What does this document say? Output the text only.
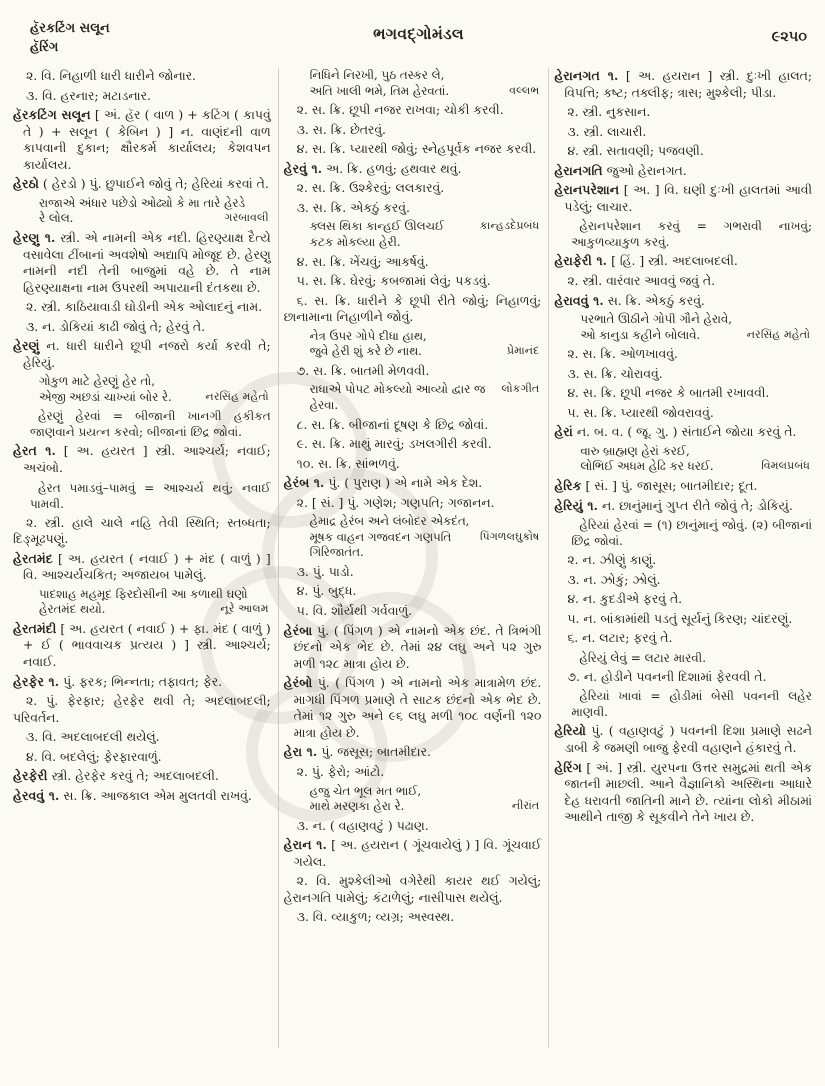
હૅરકટિંગ સલૂન
હૅરિંગ
ભગવદ્ગોમંડલ	૯૨૫૦

૨. વિ. નિહાળી ધારી ધારીને જોનાર.

૩. વિ. હરનાર; મટાડનાર.

હૅરકટિંગ સલૂન [ અં. હૅર ( વાળ ) + કટિંગ ( કાપવું તે ) + સલૂન ( કેબિન ) ] ન. વાણંદની વાળ કાપવાની દુકાન; ક્ષૌરકર્મ કાર્યાલય; કેશવપન કાર્યાલય.

હેરઠો ( હેરડો ) પું. છુપાઈને જોવું તે; હેરિયાં કરવાં તે.

રાજાએ અંધાર પછેડો ઓઢ્યો કે મા તારે હેરડે
ગરબાવલી
રે લોલ.

હેરણુ ૧. સ્ત્રી. એ નામની એક નદી. હિરણ્યાક્ષ દૈત્યે વસાવેલા ટીંબાનાં અવશેષો અદ્યાપિ મોજૂદ છે. હેરણુ નામની નદી તેની બાજુમાં વહે છે. તે નામ હિરણ્યાક્ષના નામ ઉપરથી અપાયાની દંતકથા છે.

૨. સ્ત્રી. કાઠિયાવાડી ઘોડીની એક ઓલાદનું નામ.

૩. ન. ડોકિયાં કાઢી જોવું તે; હેરવું તે.

હેરણું ન. ધારી ધારીને છૂપી નજરો કર્યા કરવી તે; હેરિયું.

ગોકુળ માટે હેરણું હેર તો,
નરસિંહ મહેતો
એજી અછડાં ચાખ્યાં બોર રે.

હેરણું હેરવાં = બીજાની ખાનગી હકીકત જાણવાને પ્રયત્ન કરવો; બીજાનાં છિદ્ર જોવાં.

હેરત ૧. [ અ. હયરત ] સ્ત્રી. આશ્ચર્ય; નવાઈ; અચંબો.

હેરત પમાડવું–પામવું = આશ્ચર્ય થવું; નવાઈ પામવી.

૨. સ્ત્રી. હાલે ચાલે નહિ તેવી સ્થિતિ; સ્તબ્ધતા; દિઙ્મૂઢપણું.

હેરતમંદ [ અ. હયરત ( નવાઈ ) + મંદ ( વાળું ) ] વિ. આશ્ચર્યચકિત; અજાયબ પામેલું.

પાદશાહ મહમૂદ ફિરદોસીની આ કળાથી ઘણો
નૂરે આલમ
હેરતમંદ થયો.

હેરતમંદી [ અ. હયરત ( નવાઈ ) + ફા. મંદ ( વાળું ) + ઈ ( ભાવવાચક પ્રત્યય ) ] સ્ત્રી. આશ્ચર્ય; નવાઈ.

હેરફેર ૧. પું. ફરક; ભિન્નતા; તફાવત; ફેર.

૨. પું. ફેરફાર; હેરફેર થવી તે; અદલાબદલી; પરિવર્તન.

૩. વિ. અદલાબદલી થયેલું.

૪. વિ. બદલેલું; ફેરફારવાળું.

હેરફેરી સ્ત્રી. હેરફેર કરવું તે; અદલાબદલી.

હેરવવું ૧. સ. ક્રિ. આજકાલ એમ મુલતવી રાખવું.

નિધિને નિરખી, પુઠ તસ્કર લે,
વલ્લભ
અતિ ખાલી ભમે, તિમ હેરવતાં.

૨. સ. ક્રિ. છૂપી નજર રાખવા; ચોકી કરવી.

૩. સ. ક્રિ. છેતરવું.

૪. સ. ક્રિ. પ્યારથી જોવું; સ્નેહપૂર્વક નજર કરવી.

હેરવું ૧. અ. ક્રિ. હળવું; હથવાર થવું.

૨. સ. ક્રિ. ઉશ્કેરવું; લલકારવું.

૩. સ. ક્રિ. એકઠું કરવું.

કાન્હડદેપ્રબંધ
ક્લસ થિકા કાન્હઈ ઊલચઈ કટક મોકલ્યા હેરી.

૪. સ. ક્રિ. ખેંચવું; આકર્ષવું.

૫. સ. ક્રિ. ઘેરવું; કબજામાં લેવું; પકડવું.

૬. સ. ક્રિ. ધારીને કે છૂપી રીતે જોવું; નિહાળવું; છાનામાના નિહાળીને જોવું.

નેત્ર ઉપર ગોપે દીધા હાથ,
પ્રેમાનંદ
જુવે હેરી શું કરે છે નાથ.

૭. સ. ક્રિ. બાતમી મેળવવી.

લોકગીત
રાધાએ પોપટ મોકલ્યો આવ્યો દ્વાર જ હેરવા.

૮. સ. ક્રિ. બીજાનાં દૂષણ કે છિદ્ર જોવાં.

૯. સ. ક્રિ. માથું મારવું; ડખલગીરી કરવી.

૧૦. સ. ક્રિ. સાંભળવું.

હેરંબ ૧. પું. ( પુરાણ ) એ નામે એક દેશ.

૨. [ સં. ] પું. ગણેશ; ગણપતિ; ગજાનન.

હેમાદ્ર હેરંબ અને લંબોદર એકદંત,
પિંગળલઘુકોષ
મૂષક વાહન ગજવદન ગણપતિ ગિરિજાતંત.

૩. પું. પાડો.

૪. પું. બુદ્ધ.

૫. વિ. શૌર્યથી ગર્વવાળું.

હેરંબા પું. ( પિંગળ ) એ નામનો એક છંદ. તે ત્રિભંગી છંદનો એક ભેદ છે. તેમાં ૨૪ લઘુ અને ૫૨ ગુરુ મળી ૧૨૮ માત્રા હોય છે.

હેરંબો પું. ( પિંગળ ) એ નામનો એક માત્રામેળ છંદ. માગધી પિંગળ પ્રમાણે તે સાટક છંદનો એક ભેદ છે. તેમાં ૧૨ ગુરુ અને ૯૬ લઘુ મળી ૧૦૮ વર્ણની ૧૨૦ માત્રા હોય છે.

હેરા ૧. પું. જસૂસ; બાતમીદાર.

૨. પું. ફેરો; આંટો.

હજુ ચેત ભૂલ મત ભાઈ,
નીરાંત
માથે મરણકા હેરા રે.

૩. ન. ( વહાણવટું ) પઢાણ.

હેરાન ૧. [ અ. હયરાન ( ગૂંચવાયેલું ) ] વિ. ગૂંચવાઈ ગયેલ.

૨. વિ. મુશ્કેલીઓ વગેરેથી કાયર થઈ ગયેલું; હેરાનગતિ પામેલું; કંટાળેલું; નાસીપાસ થયેલું.

૩. વિ. વ્યાકુળ; વ્યગ્ર; અસ્વસ્થ.

હેરાનગત ૧. [ અ. હયરાન ] સ્ત્રી. દુઃખી હાલત; વિપત્તિ; કષ્ટ; તક્લીફ; ત્રાસ; મુશ્કેલી; પીડા.

૨. સ્ત્રી. નુકસાન.

૩. સ્ત્રી. લાચારી.

૪. સ્ત્રી. સતાવણી; પજવણી.

હેરાનગતિ જુઓ હેરાનગત.

હેરાનપરેશાન [ અ. ] વિ. ઘણી દુઃખી હાલતમાં આવી પડેલું; લાચાર.

હેરાનપરેશાન કરવું = ગભરાવી નાખવું; આકુળવ્યાકુળ કરવું.

હેરાફેરી ૧. [ હિં. ] સ્ત્રી. અદલાબદલી.

૨. સ્ત્રી. વારંવાર આવવું જવું તે.

હેરાવવું ૧. સ. ક્રિ. એકઠું કરવું.

પરભાતે ઊઠીને ગોપી ગૌને હેરાવે,
નરસિંહ મહેતો
ઓ કાનુડા કહીને બોલાવે.

૨. સ. ક્રિ. ઓળખાવવું.

૩. સ. ક્રિ. ચોરાવવું.

૪. સ. ક્રિ. છૂપી નજર કે બાતમી રખાવવી.

૫. સ. ક્રિ. પ્યારથી જોવરાવવું.

હેરાં ન. બ. વ. ( જૂ. ગુ. ) સંતાઈને જોયા કરવું તે.

વારુ બ્રાહ્મણ હેરાં કરઈ,
વિમલપ્રબંધ
લોભિઈ અધમ હેઢિ કર ધરઈ.

હેરિક [ સં. ] પું. જાસૂસ; બાતમીદાર; દૂત.

હેરિયું ૧. ન. છાનુંમાનું ગુપ્ત રીતે જોવું તે; ડોકિયું.

હેરિયાં હેરવાં = (૧) છાનુંમાનું જોવું. (૨) બીજાનાં છિદ્ર જોવાં.

૨. ન. ઝીણું કાણું.

૩. ન. ઝોકું; ઝોલું.

૪. ન. કુદડીએ ફરવું તે.

૫. ન. બાંકામાંથી પડતું સૂર્યનું કિરણ; ચાંદરણું.

૬. ન. લટાર; ફરવું તે.

હેરિયું લેવું = લટાર મારવી.

૭. ન. હોડીને પવનની દિશામાં ફેરવવી તે.

હેરિયાં ખાવાં = હોડીમાં બેસી પવનની લહેર માણવી.

હેરિયો પું. ( વહાણવટું ) પવનની દિશા પ્રમાણે સઢને ડાબી કે જમણી બાજુ ફેરવી વહાણને હંકારવું તે.

હેરિંગ [ અં. ] સ્ત્રી. યુરપના ઉત્તર સમુદ્રમાં થતી એક જાતની માછલી. આને વૈજ્ઞાનિકો અસ્થિના આધારે દેહ ધરાવતી જાતિની માને છે. ત્યાંના લોકો મીઠામાં આથીને તાજી કે સૂકવીને તેને ખાય છે.
